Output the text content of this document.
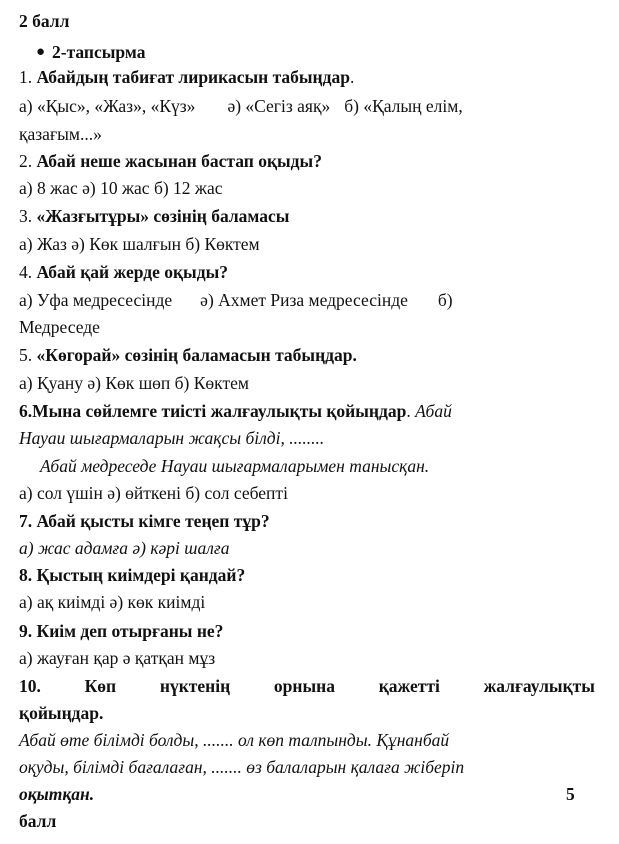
2 балл
● 2-тапсырма
1. Абайдың табиғат лирикасын табыңдар.
а) «Қыс», «Жаз», «Күз» ә) «Сегіз аяқ» б) «Қалың елім,
қазағым...»
2. Абай неше жасынан бастап оқыды?
а) 8 жас ә) 10 жас б) 12 жас
3. «Жазғытұры» сөзінің баламасы
а) Жаз ә) Көк шалғын б) Көктем
4. Абай қай жерде оқыды?
а) Уфа медресесінде ә) Ахмет Риза медресесінде б)
Медреседе
5. «Көгорай» сөзінің баламасын табыңдар.
а) Қуану ә) Көк шөп б) Көктем
6.Мына сөйлемге тиісті жалғаулықты қойыңдар. Абай
Науаи шығармаларын жақсы білді, ........
Абай медреседе Науаи шығармаларымен танысқан.
а) сол үшін ә) өйткені б) сол себепті
7. Абай қысты кімге теңеп тұр?
а) жас адамға ә) кәрі шалға
8. Қыстың киімдері қандай?
а) ақ киімді ә) көк киімді
9. Киім деп отырғаны не?
а) жауған қар ә қатқан мұз
10. Көп нүктенің орнына қажетті жалғаулықты
қойыңдар.
Абай өте білімді болды, ....... ол көп талпынды. Құнанбай
оқуды, білімді бағалаған, ....... өз балаларын қалаға жіберіп
оқытқан.	5
балл
